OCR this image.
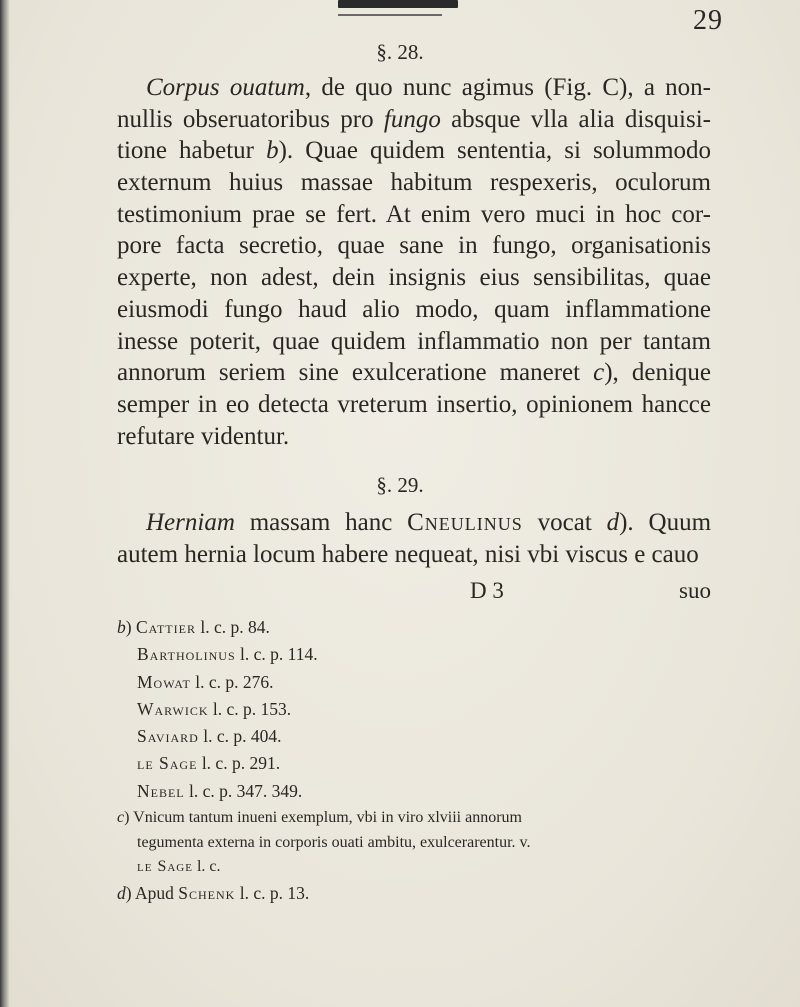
29
§. 28.
Corpus ouatum, de quo nunc agimus (Fig. C), a non-
nullis obseruatoribus pro fungo absque vlla alia disquisi-
tione habetur b). Quae quidem sententia, si solummodo
externum huius massae habitum respexeris, oculorum
testimonium prae se fert. At enim vero muci in hoc cor-
pore facta secretio, quae sane in fungo, organisationis
experte, non adest, dein insignis eius sensibilitas, quae
eiusmodi fungo haud alio modo, quam inflammatione
inesse poterit, quae quidem inflammatio non per tantam
annorum seriem sine exulceratione maneret c), denique
semper in eo detecta vreterum insertio, opinionem hancce
refutare videntur.
§. 29.
Herniam massam hanc Cneulinus vocat d). Quum
autem hernia locum habere nequeat, nisi vbi viscus e cauo
D 3	suo
b) Cattier l. c. p. 84.
Bartholinus l. c. p. 114.
Mowat l. c. p. 276.
Warwick l. c. p. 153.
Saviard l. c. p. 404.
le Sage l. c. p. 291.
Nebel l. c. p. 347. 349.
c) Vnicum tantum inueni exemplum, vbi in viro xlviii annorum
tegumenta externa in corporis ouati ambitu, exulcerarentur. v.
le Sage l. c.
d) Apud Schenk l. c. p. 13.
